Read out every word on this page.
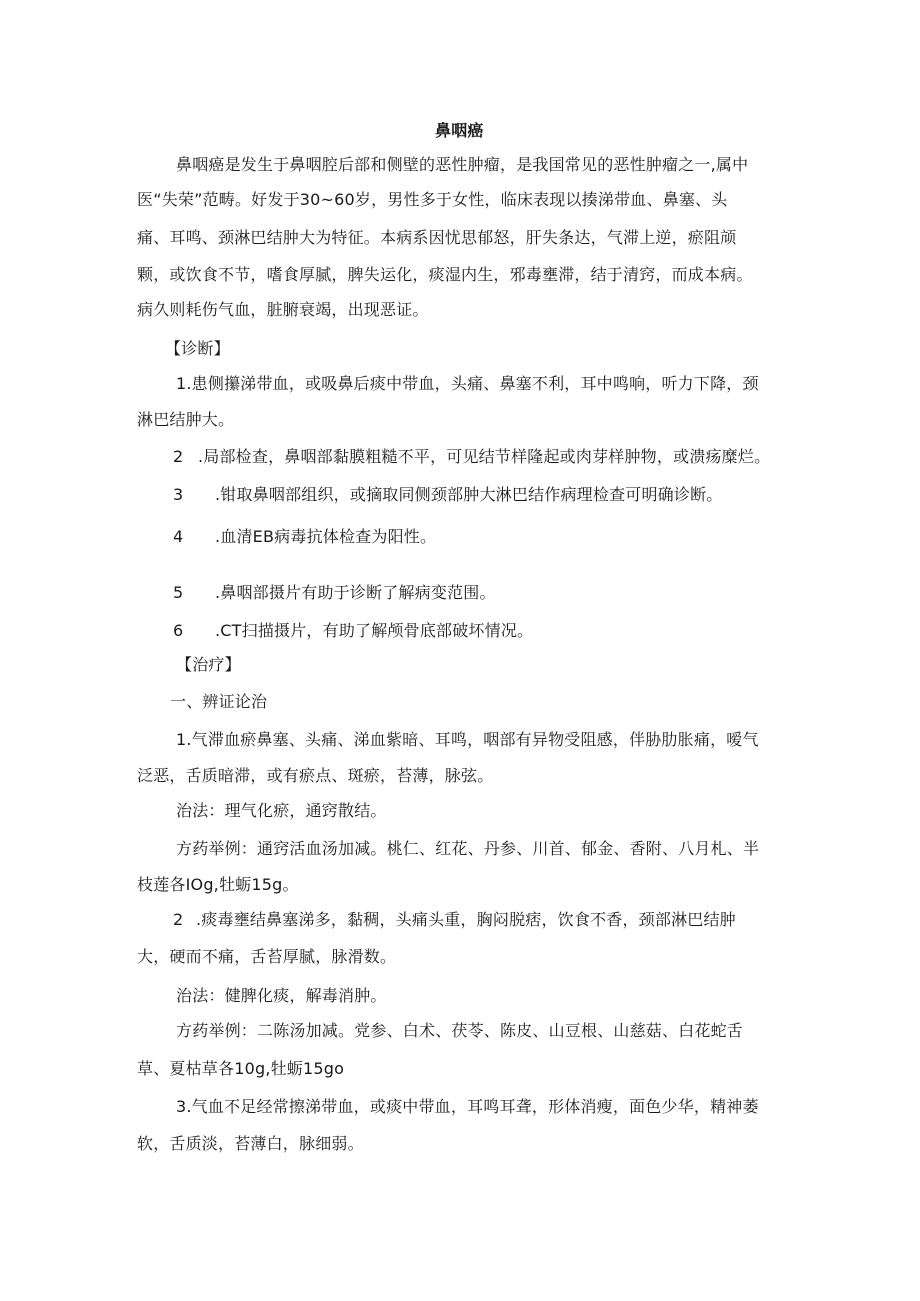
鼻咽癌
鼻咽癌是发生于鼻咽腔后部和侧壁的恶性肿瘤，是我国常见的恶性肿瘤之一,属中
医“失荣”范畴。好发于30~60岁，男性多于女性，临床表现以揍涕带血、鼻塞、头
痛、耳鸣、颈淋巴结肿大为特征。本病系因忧思郁怒，肝失条达，气滞上逆，瘀阻颃
颗，或饮食不节，嗜食厚腻，脾失运化，痰湿内生，邪毒壅滞，结于清窍，而成本病。
病久则耗伤气血，脏腑衰竭，出现恶证。
【诊断】
1.患侧攥涕带血，或吸鼻后痰中带血，头痛、鼻塞不利，耳中鸣响，听力下降，颈
淋巴结肿大。
2 .局部检查，鼻咽部黏膜粗糙不平，可见结节样隆起或肉芽样肿物，或溃疡糜烂。
3 .钳取鼻咽部组织，或摘取同侧颈部肿大淋巴结作病理检查可明确诊断。
4 .血清EB病毒抗体检查为阳性。
5 .鼻咽部摄片有助于诊断了解病变范围。
6 .CT扫描摄片，有助了解颅骨底部破坏情况。
【治疗】
一、辨证论治
1.气滞血瘀鼻塞、头痛、涕血紫暗、耳鸣，咽部有异物受阻感，伴胁肋胀痛，嗳气
泛恶，舌质暗滞，或有瘀点、斑瘀，苔薄，脉弦。
治法：理气化瘀，通窍散结。
方药举例：通窍活血汤加减。桃仁、红花、丹参、川首、郁金、香附、八月札、半
枝莲各IOg,牡蛎15g。
2 .痰毒壅结鼻塞涕多，黏稠，头痛头重，胸闷脱痞，饮食不香，颈部淋巴结肿
大，硬而不痛，舌苔厚腻，脉滑数。
治法：健脾化痰，解毒消肿。
方药举例：二陈汤加减。党参、白术、茯苓、陈皮、山豆根、山慈菇、白花蛇舌
草、夏枯草各10g,牡蛎15go
3.气血不足经常擦涕带血，或痰中带血，耳鸣耳聋，形体消瘦，面色少华，精神萎
软，舌质淡，苔薄白，脉细弱。
